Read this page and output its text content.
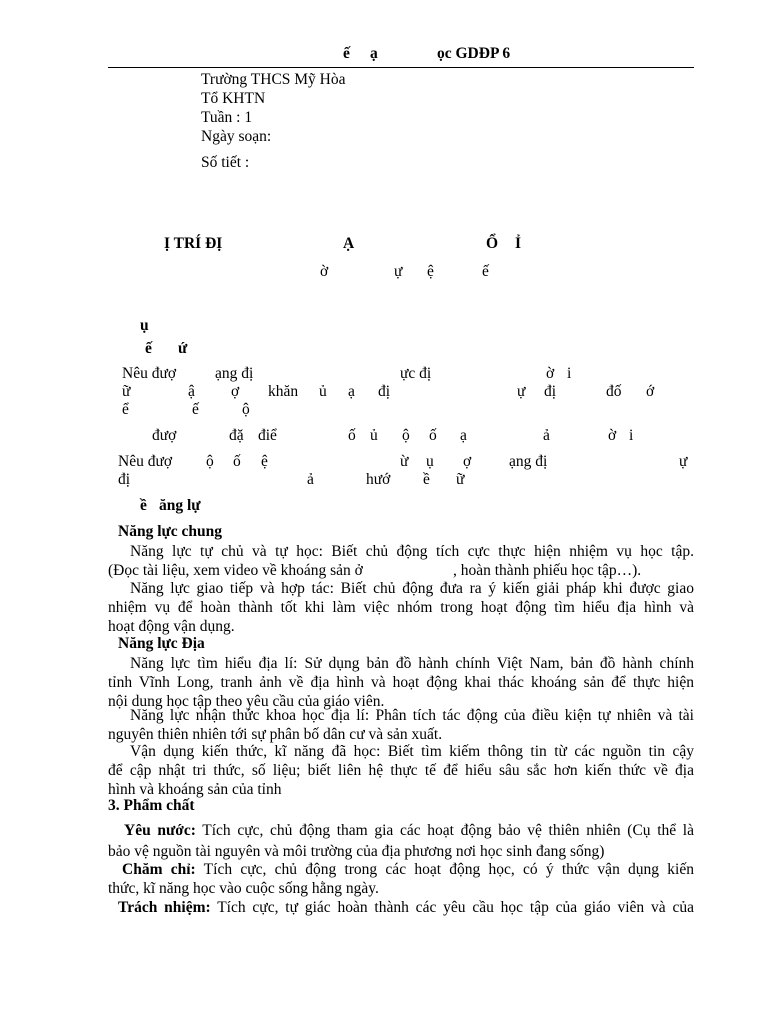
ế ạ	ọc GDĐP 6
Trường THCS Mỹ Hòa
Tổ KHTN
Tuần : 1
Ngày soạn:
Số tiết :
Ị TRÍ ĐỊ	Ạ	Ổ Ỉ
ờ	ự ệ	ế
ụ
ế ứ
Nêu đượ	ạng đị	ực đị	ờ i
ữ	ậ ợ khăn ủ ạ đị	ự đị	đố ớ
ể	ế	ộ
đượ	đặ điể	ố ủ ộ ố ạ	ả	ờ i
Nêu đượ ộ ố ệ	ừ ụ ợ ạng đị	ự
đị	ả	hướ ề ữ
ề ăng lự
Năng lực chung
Năng lực tự chủ và tự học: Biết chủ động tích cực thực hiện nhiệm vụ học tập.
(Đọc tài liệu, xem video về khoáng sản ở	, hoàn thành phiếu học tập…).
Năng lực giao tiếp và hợp tác: Biết chủ động đưa ra ý kiến giải pháp khi được giao
nhiệm vụ để hoàn thành tốt khi làm việc nhóm trong hoạt động tìm hiểu địa hình và
hoạt động vận dụng.
Năng lực Địa
Năng lực tìm hiểu địa lí: Sử dụng bản đồ hành chính Việt Nam, bản đồ hành chính
tỉnh Vĩnh Long, tranh ảnh về địa hình và hoạt động khai thác khoáng sản để thực hiện
nội dung học tập theo yêu cầu của giáo viên.
Năng lực nhận thức khoa học địa lí: Phân tích tác động của điều kiện tự nhiên và tài
nguyên thiên nhiên tới sự phân bố dân cư và sản xuất.
Vận dụng kiến thức, kĩ năng đã học: Biết tìm kiếm thông tin từ các nguồn tin cậy
để cập nhật tri thức, số liệu; biết liên hệ thực tế để hiểu sâu sắc hơn kiến thức về địa
hình và khoáng sản của tỉnh
3. Phẩm chất
Yêu nước: Tích cực, chủ động tham gia các hoạt động bảo vệ thiên nhiên (Cụ thể là
bảo vệ nguồn tài nguyên và môi trường của địa phương nơi học sinh đang sống)
Chăm chỉ: Tích cực, chủ động trong các hoạt động học, có ý thức vận dụng kiến
thức, kĩ năng học vào cuộc sống hằng ngày.
Trách nhiệm: Tích cực, tự giác hoàn thành các yêu cầu học tập của giáo viên và của
